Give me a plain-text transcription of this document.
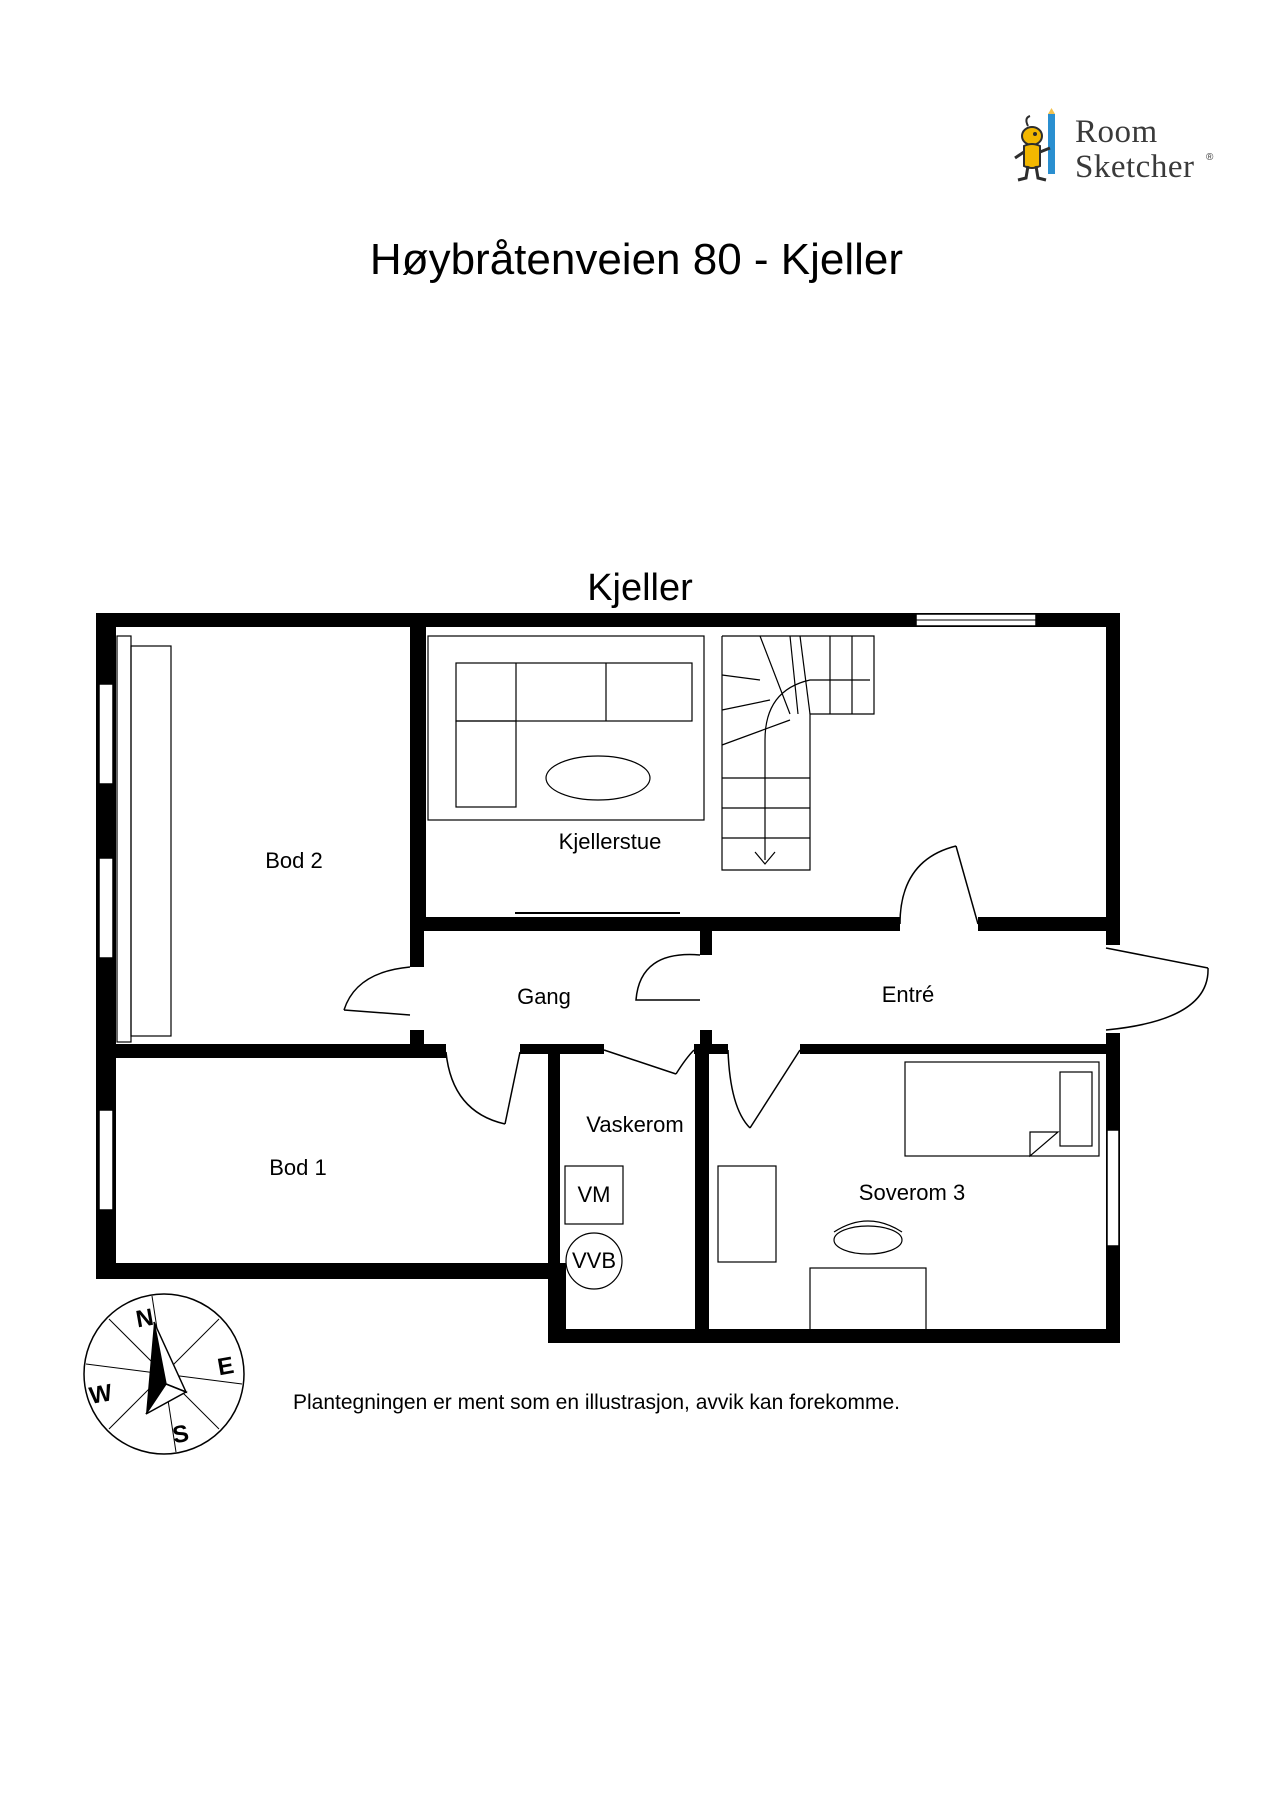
Room
Sketcher ®
Høybråtenveien 80 - Kjeller
Kjeller
Bod 2
Kjellerstue
Gang	Entré
Vaskerom
Bod 1
Soverom 3
VM
VVB
N
E
S
W	Plantegningen er ment som en illustrasjon, avvik kan forekomme.
